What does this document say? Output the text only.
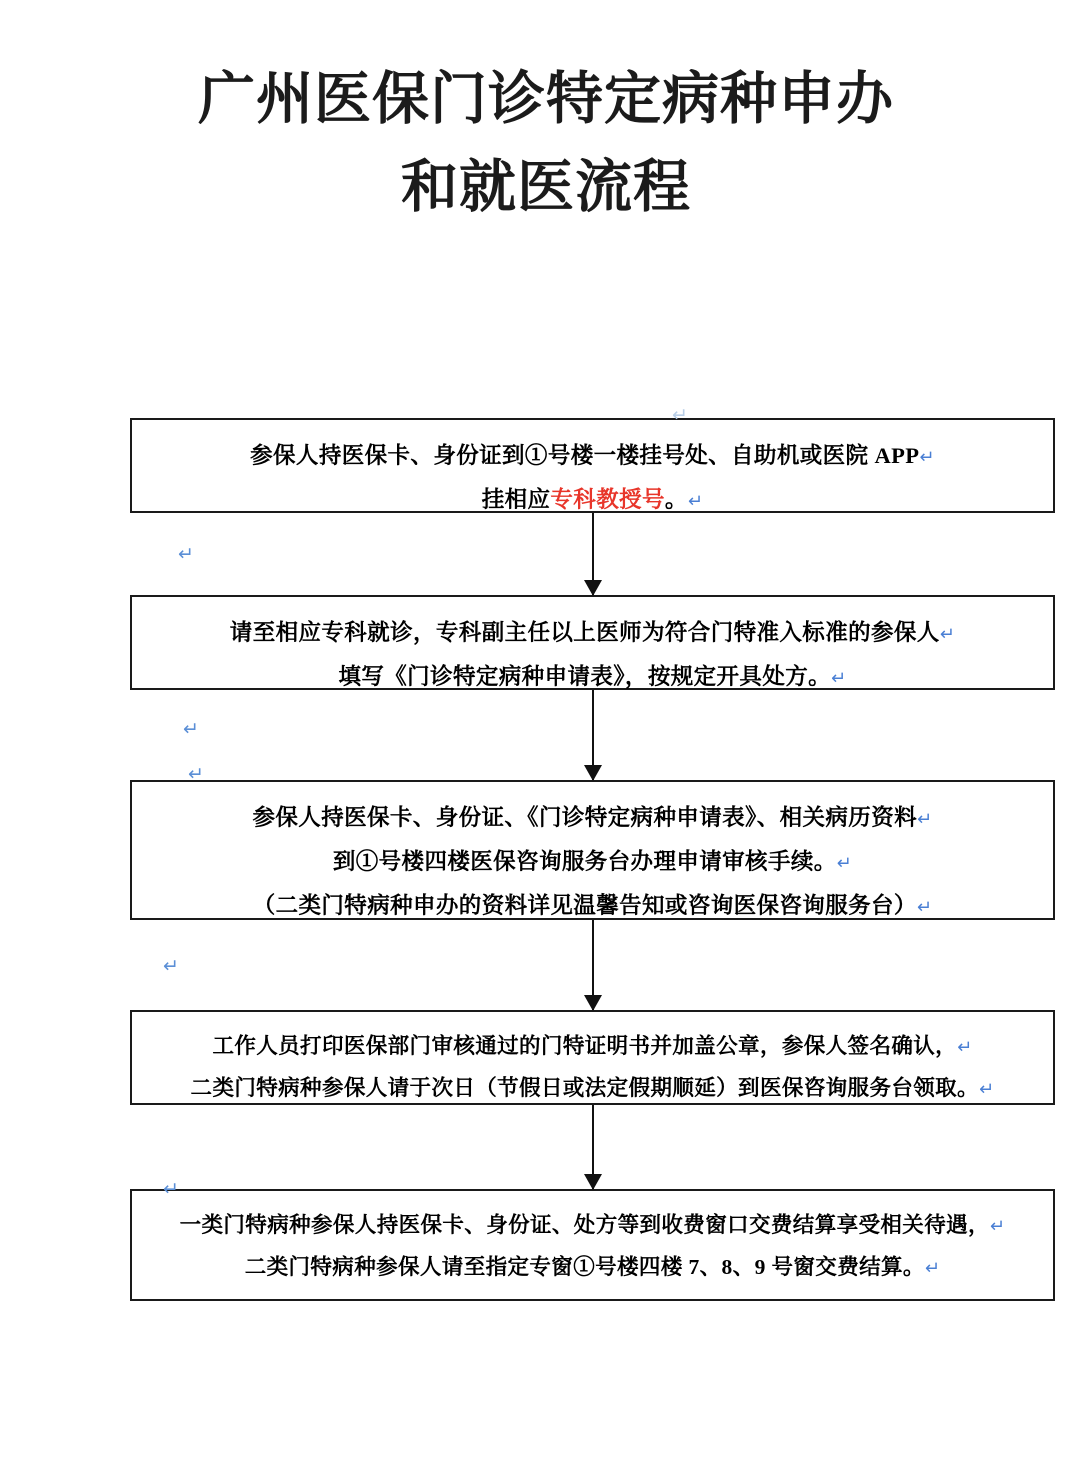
广州医保门诊特定病种申办
和就医流程

参保人持医保卡、身份证到①号楼一楼挂号处、自助机或医院 APP↵

挂相应专科教授号。↵

请至相应专科就诊，专科副主任以上医师为符合门特准入标准的参保人↵

填写《门诊特定病种申请表》，按规定开具处方。↵

参保人持医保卡、身份证、《门诊特定病种申请表》、相关病历资料↵

到①号楼四楼医保咨询服务台办理申请审核手续。↵

（二类门特病种申办的资料详见温馨告知或咨询医保咨询服务台）↵

工作人员打印医保部门审核通过的门特证明书并加盖公章，参保人签名确认，↵

二类门特病种参保人请于次日（节假日或法定假期顺延）到医保咨询服务台领取。↵

一类门特病种参保人持医保卡、身份证、处方等到收费窗口交费结算享受相关待遇，↵

二类门特病种参保人请至指定专窗①号楼四楼 7、8、9 号窗交费结算。↵

↵
↵
↵
↵
↵
↵
